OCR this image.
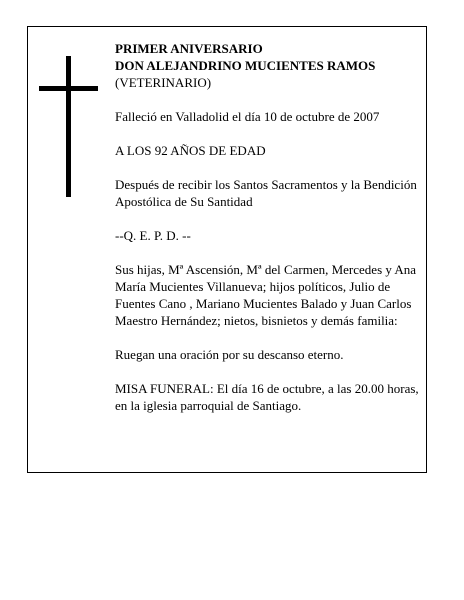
PRIMER ANIVERSARIO
DON ALEJANDRINO MUCIENTES RAMOS
(VETERINARIO)

Falleció en Valladolid el día 10 de octubre de 2007

A LOS 92 AÑOS DE EDAD

Después de recibir los Santos Sacramentos y la Bendición Apostólica de Su Santidad

--Q. E. P. D. --

Sus hijas, Mª Ascensión, Mª del Carmen, Mercedes y Ana María Mucientes Villanueva; hijos políticos, Julio de Fuentes Cano , Mariano Mucientes Balado y Juan Carlos Maestro Hernández; nietos, bisnietos y demás familia:

Ruegan una oración por su descanso eterno.

MISA FUNERAL: El día 16 de octubre, a las 20.00 horas, en la iglesia parroquial de Santiago.
